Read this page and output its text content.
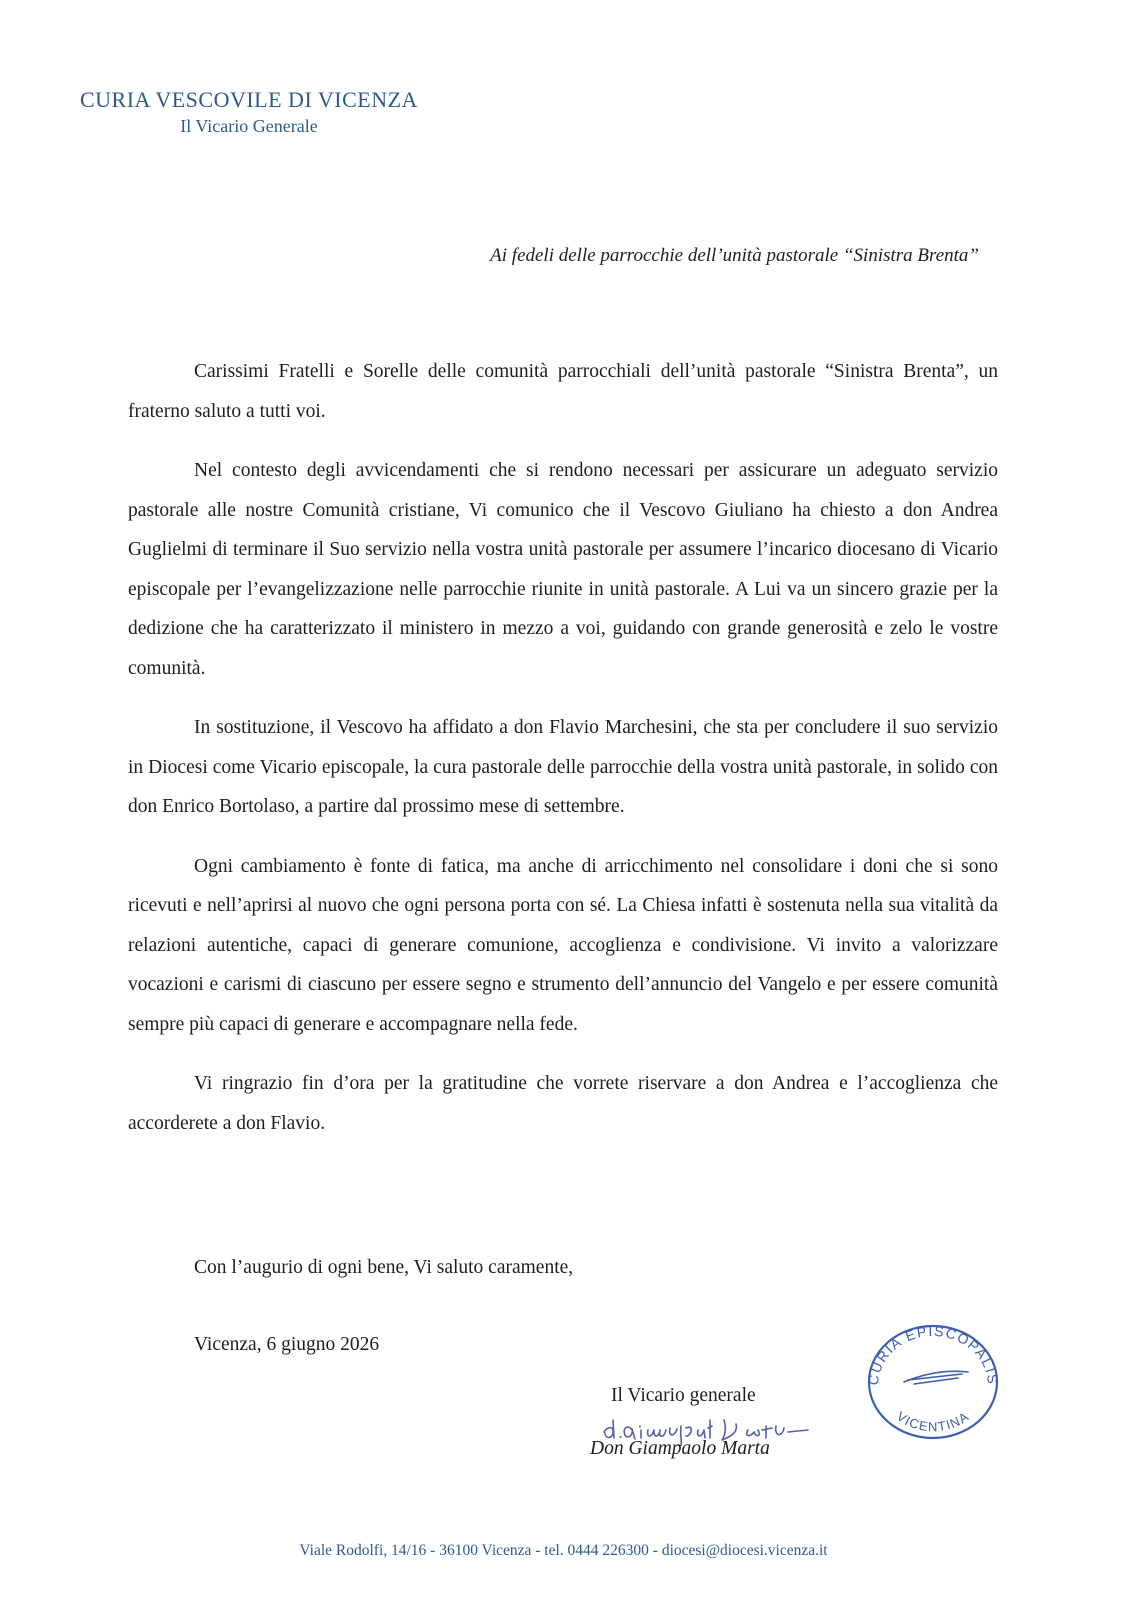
CURIA VESCOVILE DI VICENZA
Il Vicario Generale
Ai fedeli delle parrocchie dell’unità pastorale “Sinistra Brenta”

Carissimi Fratelli e Sorelle delle comunità parrocchiali dell’unità pastorale “Sinistra Brenta”, un fraterno saluto a tutti voi.

Nel contesto degli avvicendamenti che si rendono necessari per assicurare un adeguato servizio pastorale alle nostre Comunità cristiane, Vi comunico che il Vescovo Giuliano ha chiesto a don Andrea Guglielmi di terminare il Suo servizio nella vostra unità pastorale per assumere l’incarico diocesano di Vicario episcopale per l’evangelizzazione nelle parrocchie riunite in unità pastorale. A Lui va un sincero grazie per la dedizione che ha caratterizzato il ministero in mezzo a voi, guidando con grande generosità e zelo le vostre comunità.

In sostituzione, il Vescovo ha affidato a don Flavio Marchesini, che sta per concludere il suo servizio in Diocesi come Vicario episcopale, la cura pastorale delle parrocchie della vostra unità pastorale, in solido con don Enrico Bortolaso, a partire dal prossimo mese di settembre.

Ogni cambiamento è fonte di fatica, ma anche di arricchimento nel consolidare i doni che si sono ricevuti e nell’aprirsi al nuovo che ogni persona porta con sé. La Chiesa infatti è sostenuta nella sua vitalità da relazioni autentiche, capaci di generare comunione, accoglienza e condivisione. Vi invito a valorizzare vocazioni e carismi di ciascuno per essere segno e strumento dell’annuncio del Vangelo e per essere comunità sempre più capaci di generare e accompagnare nella fede.

Vi ringrazio fin d’ora per la gratitudine che vorrete riservare a don Andrea e l’accoglienza che accorderete a don Flavio.

Con l’augurio di ogni bene, Vi saluto caramente,
Vicenza, 6 giugno 2026
Il Vicario generale
Don Giampaolo Marta
CURIA EPISCOPALIS
VICENTINA
Viale Rodolfi, 14/16 - 36100 Vicenza - tel. 0444 226300 - diocesi@diocesi.vicenza.it
